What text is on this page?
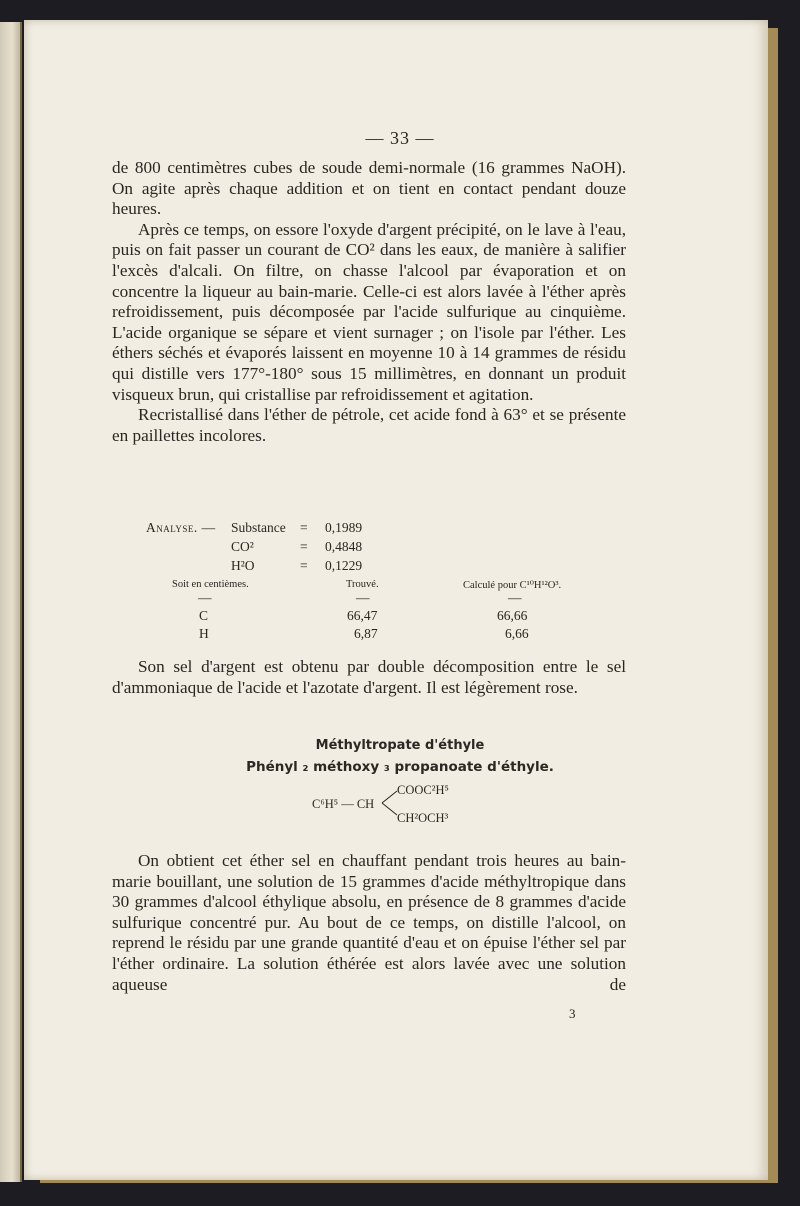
— 33 —

de 800 centimètres cubes de soude demi-normale (16 grammes NaOH). On agite après chaque addition et on tient en contact pendant douze heures.

Après ce temps, on essore l'oxyde d'argent précipité, on le lave à l'eau, puis on fait passer un courant de CO² dans les eaux, de manière à salifier l'excès d'alcali. On filtre, on chasse l'alcool par évaporation et on concentre la liqueur au bain-marie. Celle-ci est alors lavée à l'éther après refroidissement, puis décomposée par l'acide sulfurique au cinquième. L'acide organique se sépare et vient surnager ; on l'isole par l'éther. Les éthers séchés et évaporés laissent en moyenne 10 à 14 grammes de résidu qui distille vers 177°-180° sous 15 millimètres, en donnant un produit visqueux brun, qui cristallise par refroidissement et agitation.

Recristallisé dans l'éther de pétrole, cet acide fond à 63° et se présente en paillettes incolores.

Analyse. — Substance = 0,1989
CO²	= 0,4848
H²O	= 0,1229
Soit en centièmes.	Trouvé.	Calculé pour C¹⁰H¹²O³.
—	—	—
C	66,47	66,66
H	6,87	6,66

Son sel d'argent est obtenu par double décomposition entre le sel d'ammoniaque de l'acide et l'azotate d'argent. Il est légèrement rose.

Méthyltropate d'éthyle
Phényl ₂ méthoxy ₃ propanoate d'éthyle.
COOC²H⁵
C⁶H⁵ — CH
CH²OCH³

On obtient cet éther sel en chauffant pendant trois heures au bain-marie bouillant, une solution de 15 grammes d'acide méthyltropique dans 30 grammes d'alcool éthylique absolu, en présence de 8 grammes d'acide sulfurique concentré pur. Au bout de ce temps, on distille l'alcool, on reprend le résidu par une grande quantité d'eau et on épuise l'éther sel par l'éther ordinaire. La solution éthérée est alors lavée avec une solution aqueuse de

3
